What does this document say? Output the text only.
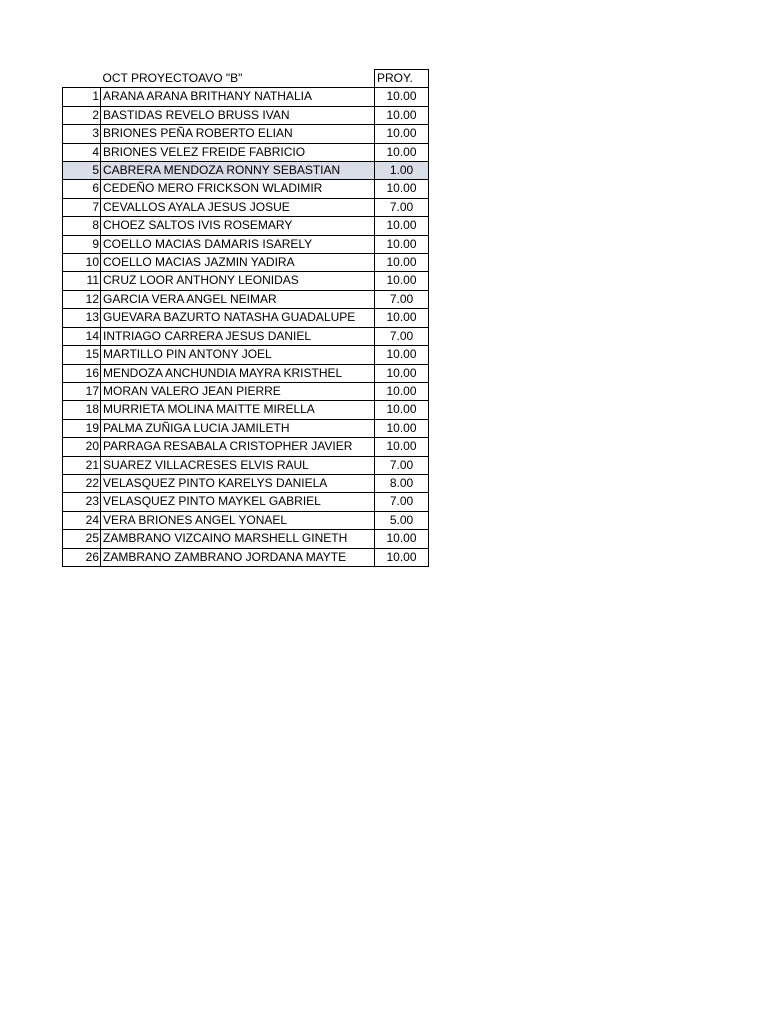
	OCT PROYECTOAVO "B"	PROY.
1	ARANA ARANA BRITHANY NATHALIA	10.00
2	BASTIDAS REVELO BRUSS IVAN	10.00
3	BRIONES PEÑA ROBERTO ELIAN	10.00
4	BRIONES VELEZ FREIDE FABRICIO	10.00
5	CABRERA MENDOZA RONNY SEBASTIAN	1.00
6	CEDEÑO MERO FRICKSON WLADIMIR	10.00
7	CEVALLOS AYALA JESUS JOSUE	7.00
8	CHOEZ SALTOS IVIS ROSEMARY	10.00
9	COELLO MACIAS DAMARIS ISARELY	10.00
10	COELLO MACIAS JAZMIN YADIRA	10.00
11	CRUZ LOOR ANTHONY LEONIDAS	10.00
12	GARCIA VERA ANGEL NEIMAR	7.00
13	GUEVARA BAZURTO NATASHA GUADALUPE	10.00
14	INTRIAGO CARRERA JESUS DANIEL	7.00
15	MARTILLO PIN ANTONY JOEL	10.00
16	MENDOZA ANCHUNDIA MAYRA KRISTHEL	10.00
17	MORAN VALERO JEAN PIERRE	10.00
18	MURRIETA MOLINA MAITTE MIRELLA	10.00
19	PALMA ZUÑIGA LUCIA JAMILETH	10.00
20	PARRAGA RESABALA CRISTOPHER JAVIER	10.00
21	SUAREZ VILLACRESES ELVIS RAUL	7.00
22	VELASQUEZ PINTO KARELYS DANIELA	8.00
23	VELASQUEZ PINTO MAYKEL GABRIEL	7.00
24	VERA BRIONES ANGEL YONAEL	5.00
25	ZAMBRANO VIZCAINO MARSHELL GINETH	10.00
26	ZAMBRANO ZAMBRANO JORDANA MAYTE	10.00
